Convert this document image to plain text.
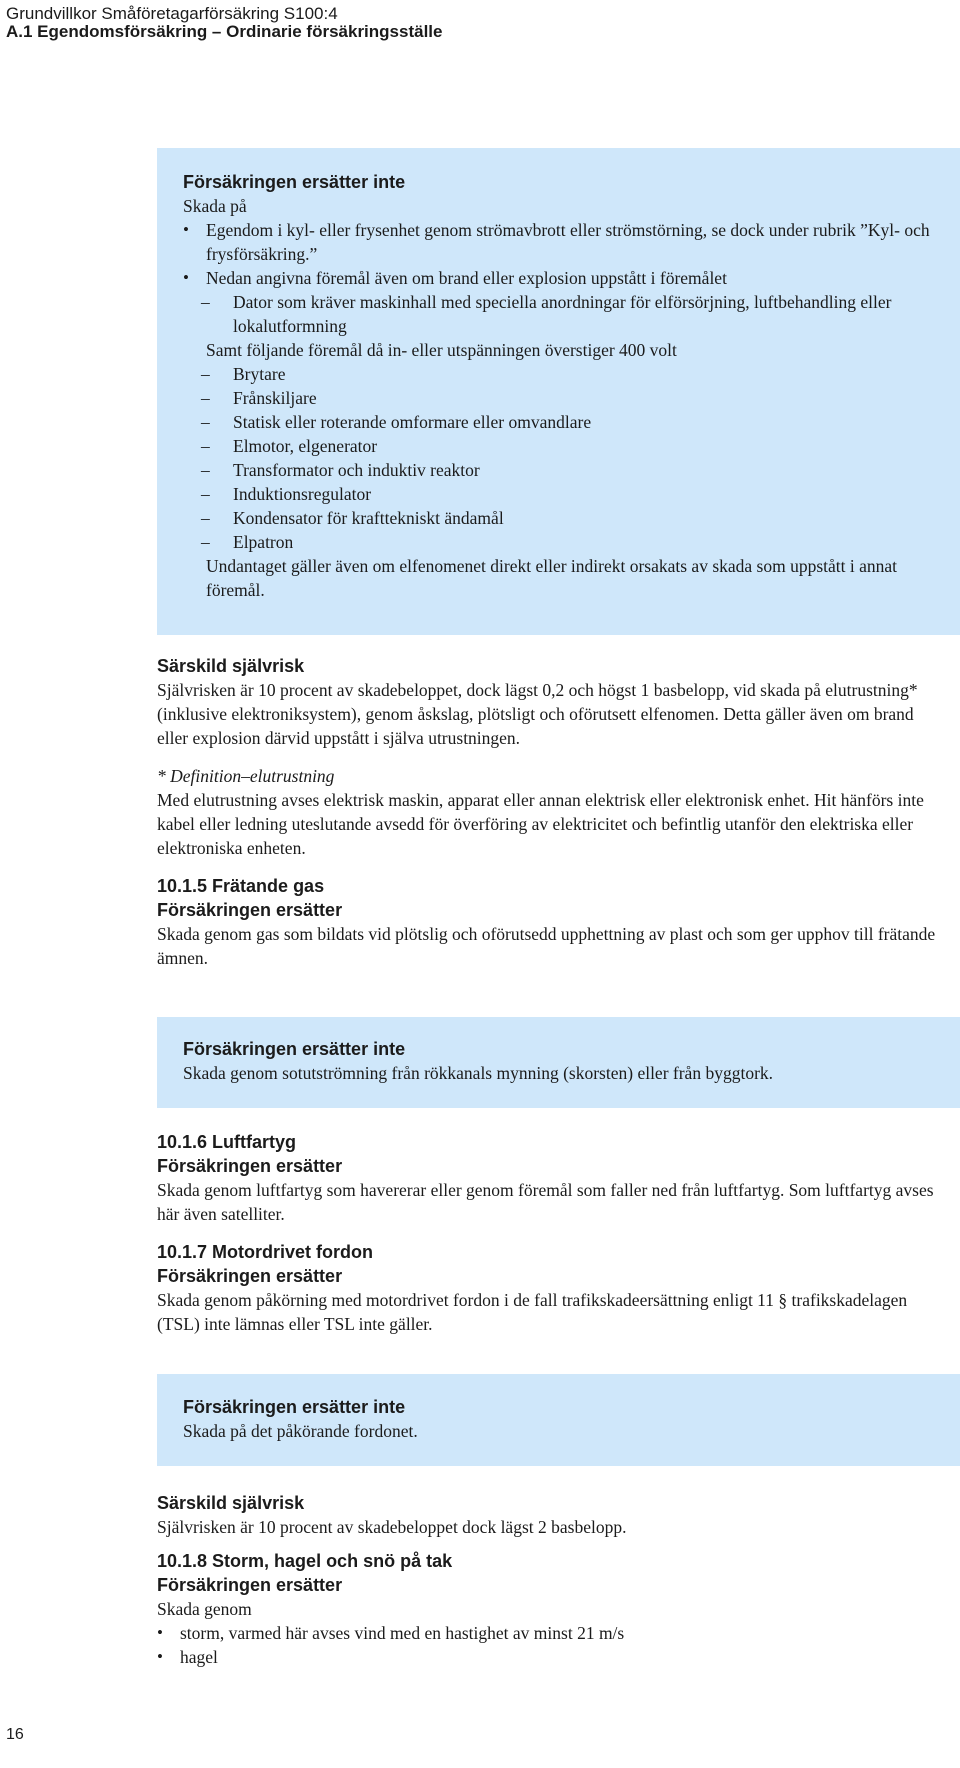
Grundvillkor Småföretagarförsäkring S100:4
A.1 Egendomsförsäkring – Ordinarie försäkringsställe
Försäkringen ersätter inte
Skada på
• Egendom i kyl- eller frysenhet genom strömavbrott eller strömstörning, se dock under rubrik ”Kyl- och frysförsäkring.”
• Nedan angivna föremål även om brand eller explosion uppstått i föremålet
– Dator som kräver maskinhall med speciella anordningar för elförsörjning, luftbehandling eller lokalutformning
Samt följande föremål då in- eller utspänningen överstiger 400 volt
– Brytare
– Frånskiljare
– Statisk eller roterande omformare eller omvandlare
– Elmotor, elgenerator
– Transformator och induktiv reaktor
– Induktionsregulator
– Kondensator för krafttekniskt ändamål
– Elpatron
Undantaget gäller även om elfenomenet direkt eller indirekt orsakats av skada som uppstått i annat föremål.
Särskild självrisk
Självrisken är 10 procent av skadebeloppet, dock lägst 0,2 och högst 1 basbelopp, vid skada på elutrustning* (inklusive elektroniksystem), genom åskslag, plötsligt och oförutsett elfenomen. Detta gäller även om brand eller explosion därvid uppstått i själva utrustningen.
* Definition–elutrustning
Med elutrustning avses elektrisk maskin, apparat eller annan elektrisk eller elektronisk enhet. Hit hänförs inte kabel eller ledning uteslutande avsedd för överföring av elektricitet och befintlig utanför den elektriska eller elektroniska enheten.
10.1.5 Frätande gas
Försäkringen ersätter
Skada genom gas som bildats vid plötslig och oförutsedd upphettning av plast och som ger upphov till frätande ämnen.
Försäkringen ersätter inte
Skada genom sotutströmning från rökkanals mynning (skorsten) eller från byggtork.
10.1.6 Luftfartyg
Försäkringen ersätter
Skada genom luftfartyg som havererar eller genom föremål som faller ned från luftfartyg. Som luftfartyg avses här även satelliter.
10.1.7 Motordrivet fordon
Försäkringen ersätter
Skada genom påkörning med motordrivet fordon i de fall trafikskadeersättning enligt 11 § trafikskadelagen (TSL) inte lämnas eller TSL inte gäller.
Försäkringen ersätter inte
Skada på det påkörande fordonet.
Särskild självrisk
Självrisken är 10 procent av skadebeloppet dock lägst 2 basbelopp.
10.1.8 Storm, hagel och snö på tak
Försäkringen ersätter
Skada genom
• storm, varmed här avses vind med en hastighet av minst 21 m/s
• hagel
16
